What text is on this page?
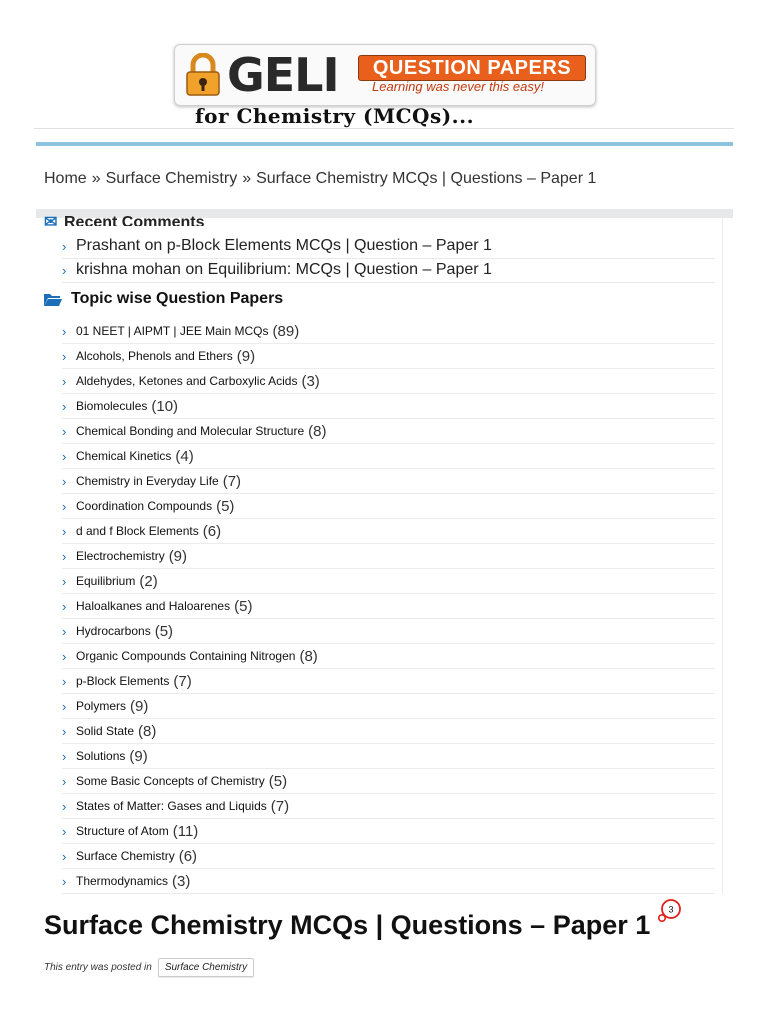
GELI	QUESTION PAPERS
Learning was never this easy!
for Chemistry (MCQs)...
Home » Surface Chemistry » Surface Chemistry MCQs | Questions – Paper 1
✉ Recent Comments
› Prashant on p-Block Elements MCQs | Question – Paper 1
› krishna mohan on Equilibrium: MCQs | Question – Paper 1
Topic wise Question Papers
› 01 NEET | AIPMT | JEE Main MCQs (89)
› Alcohols, Phenols and Ethers (9)
› Aldehydes, Ketones and Carboxylic Acids (3)
› Biomolecules (10)
› Chemical Bonding and Molecular Structure (8)
› Chemical Kinetics (4)
› Chemistry in Everyday Life (7)
› Coordination Compounds (5)
› d and f Block Elements (6)
› Electrochemistry (9)
› Equilibrium (2)
› Haloalkanes and Haloarenes (5)
› Hydrocarbons (5)
› Organic Compounds Containing Nitrogen (8)
› p-Block Elements (7)
› Polymers (9)
› Solid State (8)
› Solutions (9)
› Some Basic Concepts of Chemistry (5)
› States of Matter: Gases and Liquids (7)
› Structure of Atom (11)
› Surface Chemistry (6)
› Thermodynamics (3)
Surface Chemistry MCQs | Questions – Paper 1
3
This entry was posted in	Surface Chemistry
